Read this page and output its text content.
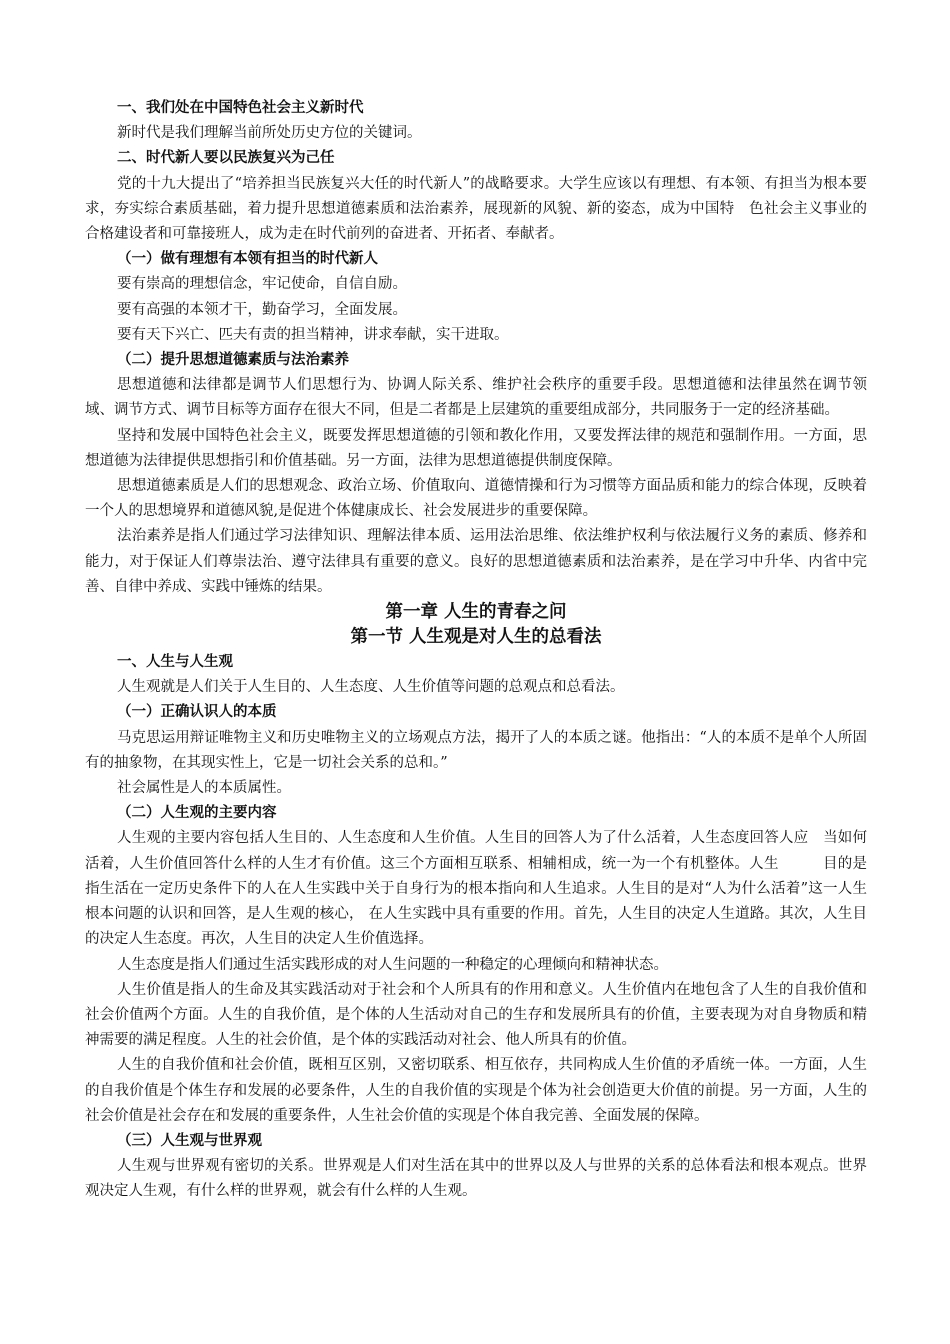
一、我们处在中国特色社会主义新时代

新时代是我们理解当前所处历史方位的关键词。

二、时代新人要以民族复兴为己任

党的十九大提出了“培养担当民族复兴大任的时代新人”的战略要求。大学生应该以有理想、有本领、有担当为根本要求，夯实综合素质基础，着力提升思想道德素质和法治素养，展现新的风貌、新的姿态，成为中国特　色社会主义事业的合格建设者和可靠接班人，成为走在时代前列的奋进者、开拓者、奉献者。

（一）做有理想有本领有担当的时代新人

要有崇高的理想信念，牢记使命，自信自励。

要有高强的本领才干，勤奋学习，全面发展。

要有天下兴亡、匹夫有责的担当精神，讲求奉献，实干进取。

（二）提升思想道德素质与法治素养

思想道德和法律都是调节人们思想行为、协调人际关系、维护社会秩序的重要手段。思想道德和法律虽然在调节领域、调节方式、调节目标等方面存在很大不同，但是二者都是上层建筑的重要组成部分，共同服务于一定的经济基础。

坚持和发展中国特色社会主义，既要发挥思想道德的引领和教化作用，又要发挥法律的规范和强制作用。一方面，思想道德为法律提供思想指引和价值基础。另一方面，法律为思想道德提供制度保障。

思想道德素质是人们的思想观念、政治立场、价值取向、道德情操和行为习惯等方面品质和能力的综合体现，反映着一个人的思想境界和道德风貌,是促进个体健康成长、社会发展进步的重要保障。

法治素养是指人们通过学习法律知识、理解法律本质、运用法治思维、依法维护权利与依法履行义务的素质、修养和能力，对于保证人们尊崇法治、遵守法律具有重要的意义。良好的思想道德素质和法治素养，是在学习中升华、内省中完善、自律中养成、实践中锤炼的结果。

第一章 人生的青春之问

第一节 人生观是对人生的总看法

一、人生与人生观

人生观就是人们关于人生目的、人生态度、人生价值等问题的总观点和总看法。

（一）正确认识人的本质

马克思运用辩证唯物主义和历史唯物主义的立场观点方法，揭开了人的本质之谜。他指出：“人的本质不是单个人所固有的抽象物，在其现实性上，它是一切社会关系的总和。”

社会属性是人的本质属性。

（二）人生观的主要内容

人生观的主要内容包括人生目的、人生态度和人生价值。人生目的回答人为了什么活着，人生态度回答人应　当如何活着，人生价值回答什么样的人生才有价值。这三个方面相互联系、相辅相成，统一为一个有机整体。人生　　　目的是指生活在一定历史条件下的人在人生实践中关于自身行为的根本指向和人生追求。人生目的是对“人为什么活着”这一人生根本问题的认识和回答，是人生观的核心， 在人生实践中具有重要的作用。首先，人生目的决定人生道路。其次，人生目的决定人生态度。再次，人生目的决定人生价值选择。

人生态度是指人们通过生活实践形成的对人生问题的一种稳定的心理倾向和精神状态。

人生价值是指人的生命及其实践活动对于社会和个人所具有的作用和意义。人生价值内在地包含了人生的自我价值和社会价值两个方面。人生的自我价值，是个体的人生活动对自己的生存和发展所具有的价值，主要表现为对自身物质和精神需要的满足程度。人生的社会价值，是个体的实践活动对社会、他人所具有的价值。

人生的自我价值和社会价值，既相互区别，又密切联系、相互依存，共同构成人生价值的矛盾统一体。一方面，人生的自我价值是个体生存和发展的必要条件，人生的自我价值的实现是个体为社会创造更大价值的前提。另一方面，人生的社会价值是社会存在和发展的重要条件，人生社会价值的实现是个体自我完善、全面发展的保障。

（三）人生观与世界观

人生观与世界观有密切的关系。世界观是人们对生活在其中的世界以及人与世界的关系的总体看法和根本观点。世界观决定人生观，有什么样的世界观，就会有什么样的人生观。
